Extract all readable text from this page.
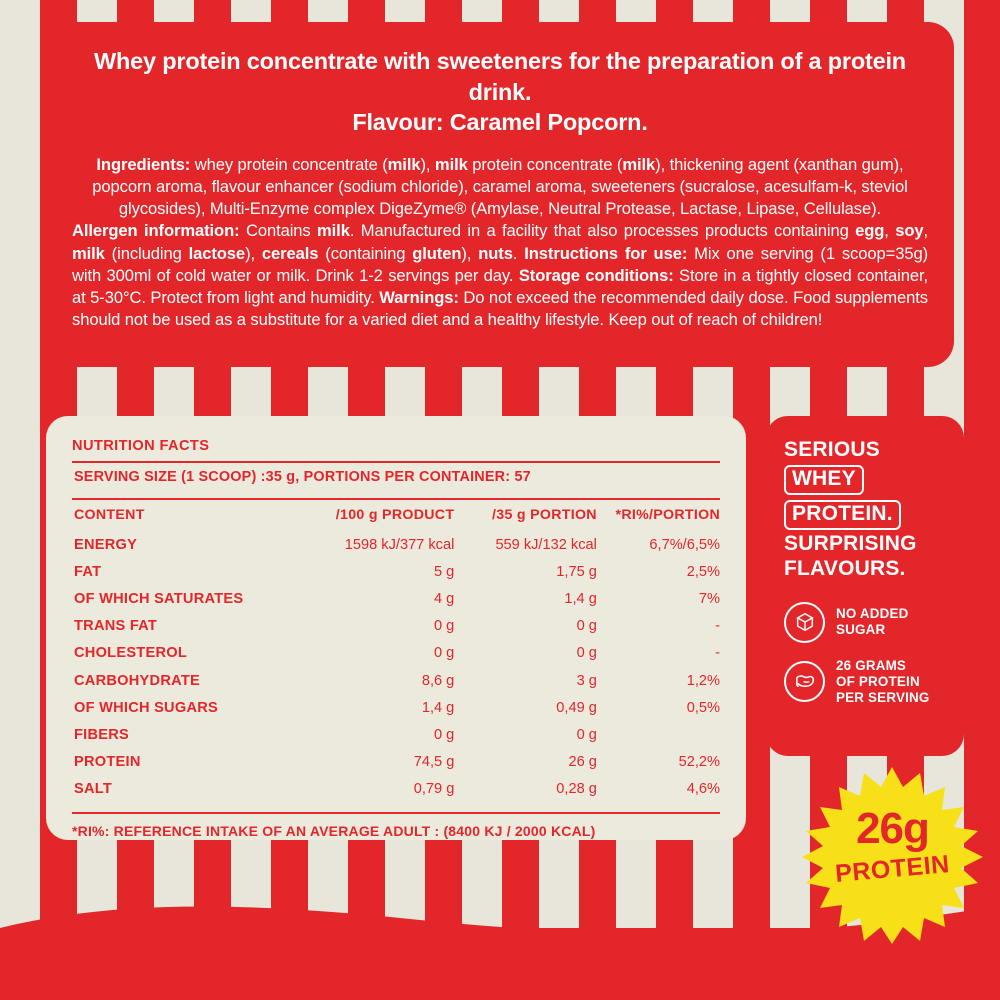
Whey protein concentrate with sweeteners for the preparation of a protein drink.
Flavour: Caramel Popcorn.

Ingredients: whey protein concentrate (milk), milk protein concentrate (milk), thickening agent (xanthan gum), popcorn aroma, flavour enhancer (sodium chloride), caramel aroma, sweeteners (sucralose, acesulfam-k, steviol glycosides), Multi-Enzyme complex DigeZyme® (Amylase, Neutral Protease, Lactase, Lipase, Cellulase).

Allergen information: Contains milk. Manufactured in a facility that also processes products containing egg, soy, milk (including lactose), cereals (containing gluten), nuts. Instructions for use: Mix one serving (1 scoop=35g) with 300ml of cold water or milk. Drink 1-2 servings per day. Storage conditions: Store in a tightly closed container, at 5-30°C. Protect from light and humidity. Warnings: Do not exceed the recommended daily dose. Food supplements should not be used as a substitute for a varied diet and a healthy lifestyle. Keep out of reach of children!

NUTRITION FACTS
SERVING SIZE (1 SCOOP) :35 g, PORTIONS PER CONTAINER: 57
CONTENT	/100 g PRODUCT	/35 g PORTION	*RI%/PORTION
ENERGY	1598 kJ/377 kcal	559 kJ/132 kcal	6,7%/6,5%
FAT	5 g	1,75 g	2,5%
OF WHICH SATURATES	4 g	1,4 g	7%
TRANS FAT	0 g	0 g	-
CHOLESTEROL	0 g	0 g	-
CARBOHYDRATE	8,6 g	3 g	1,2%
OF WHICH SUGARS	1,4 g	0,49 g	0,5%
FIBERS	0 g	0 g	
PROTEIN	74,5 g	26 g	52,2%
SALT	0,79 g	0,28 g	4,6%
*RI%: REFERENCE INTAKE OF AN AVERAGE ADULT : (8400 KJ / 2000 KCAL)
SERIOUS
WHEY PROTEIN.
SURPRISING
FLAVOURS.
NO ADDED
SUGAR
26 GRAMS
OF PROTEIN
PER SERVING
26g
PROTEIN
